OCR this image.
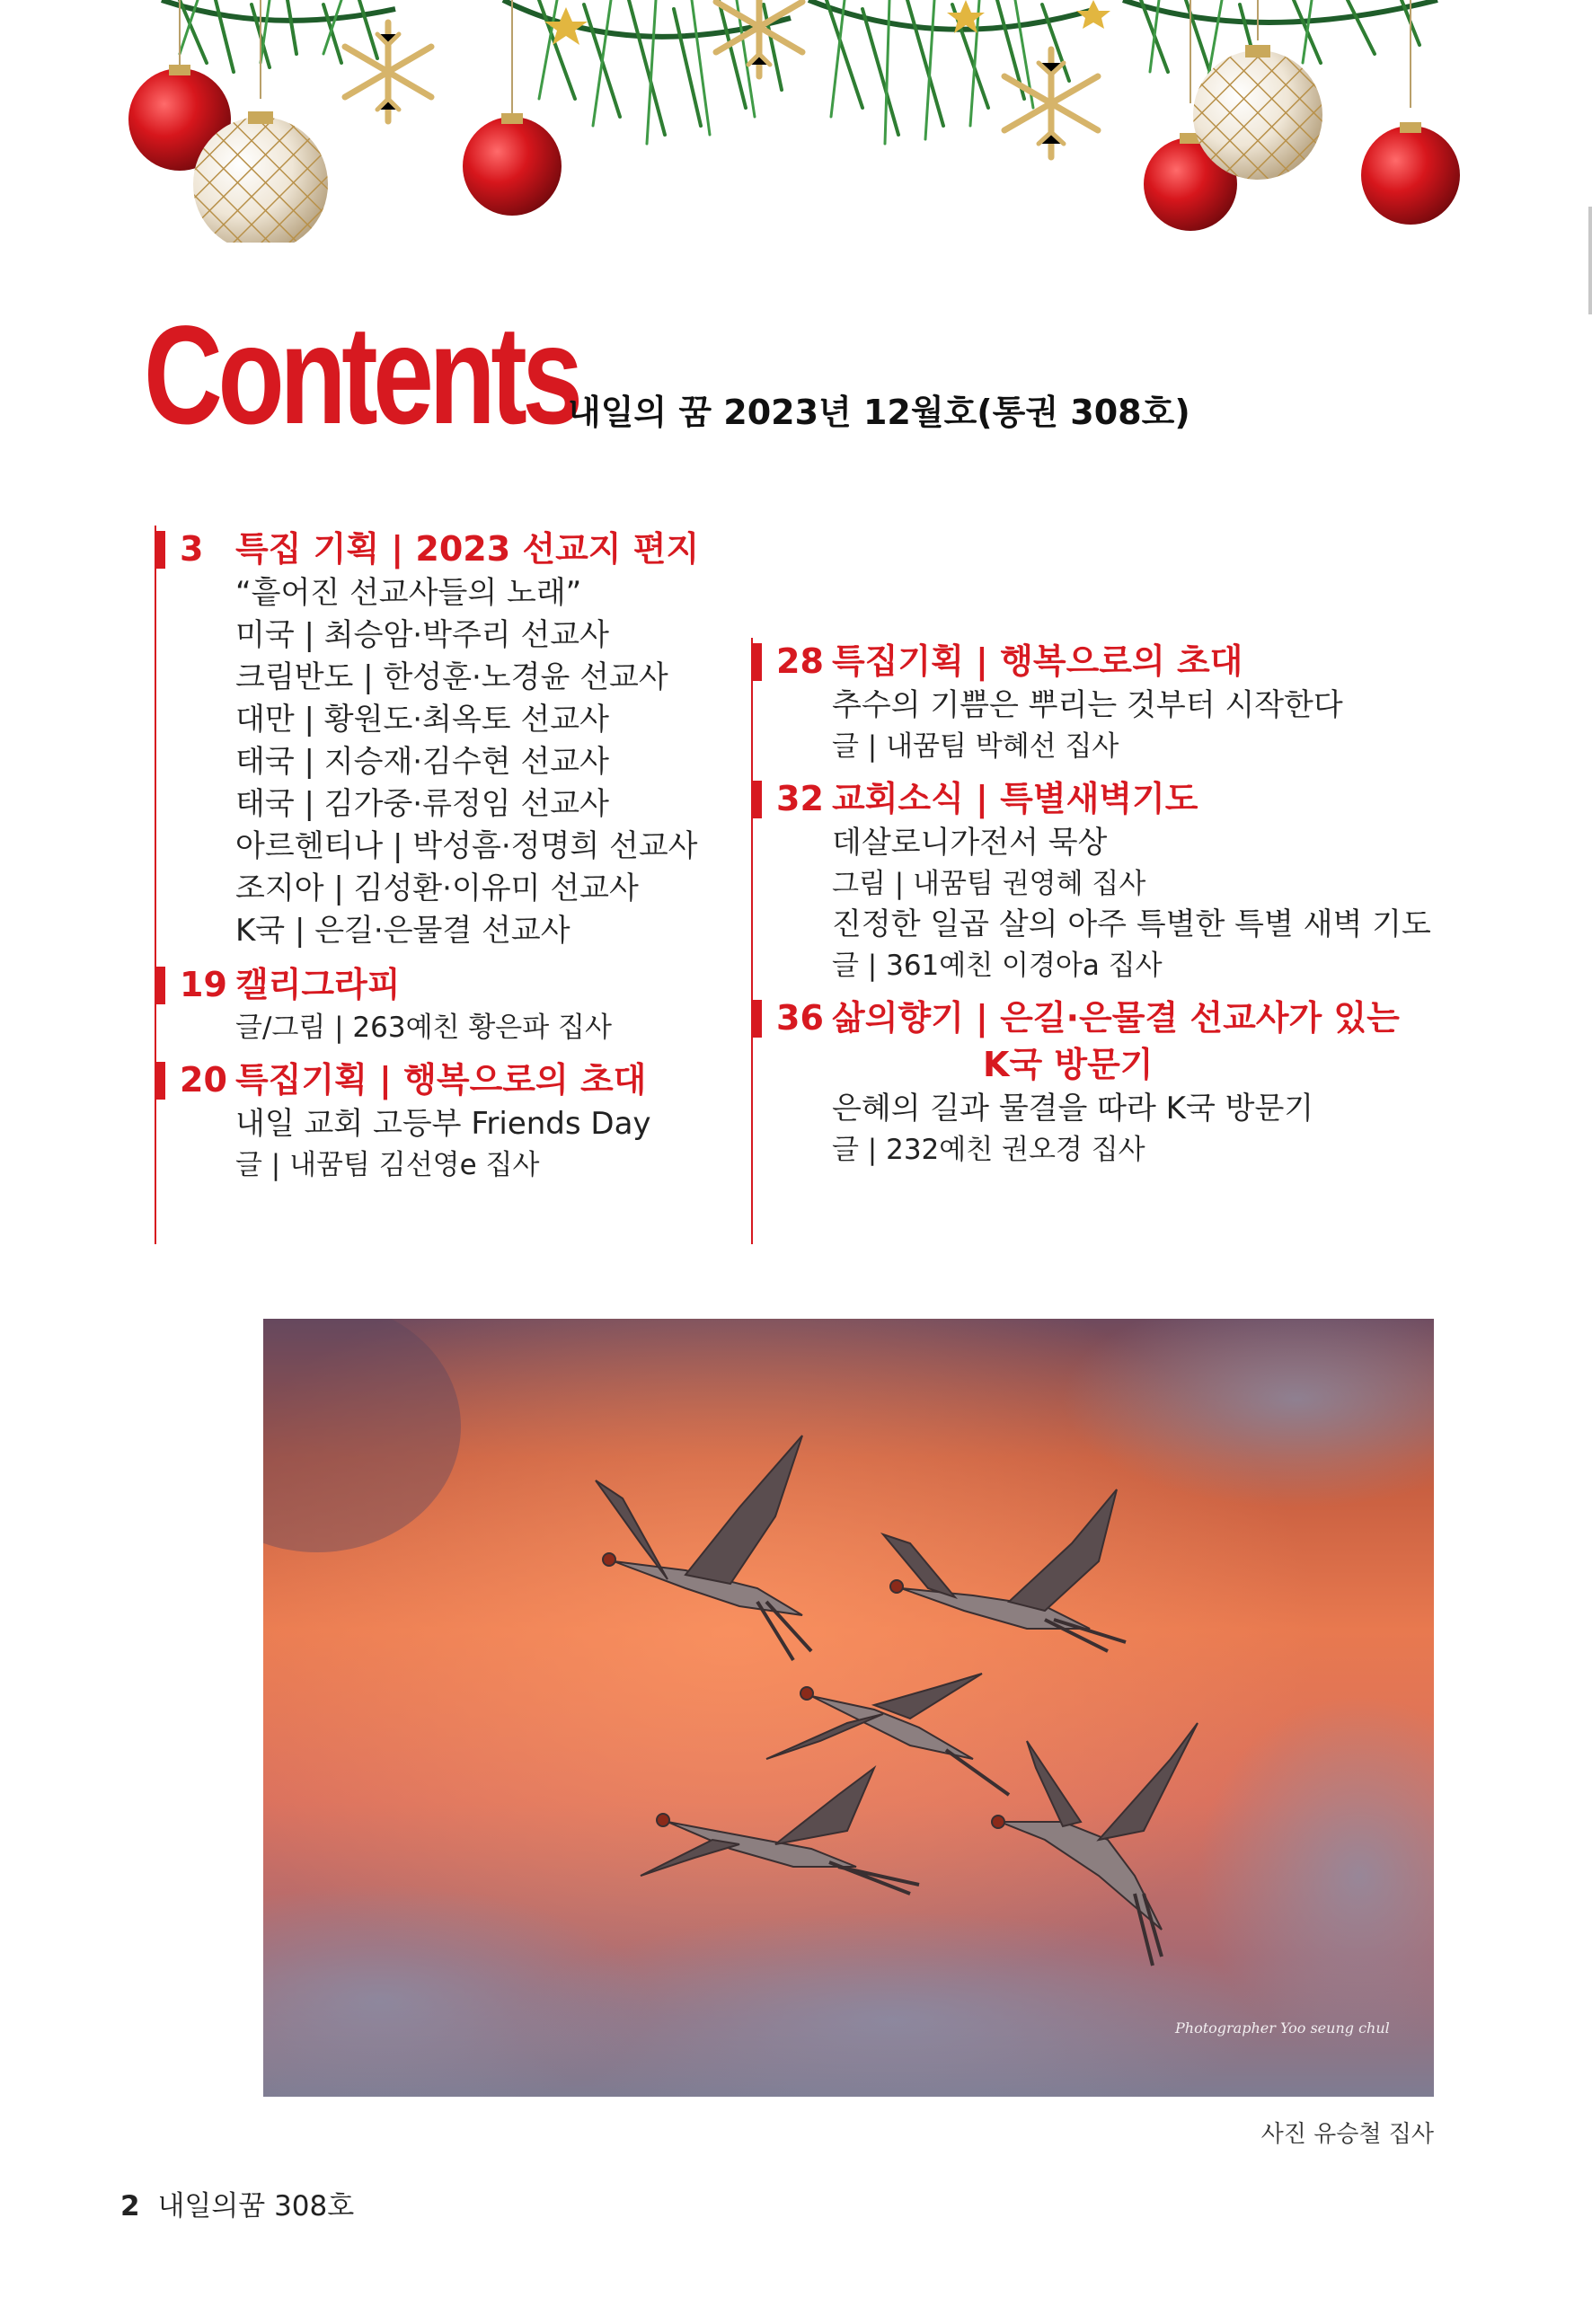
Contents
내일의 꿈 2023년 12월호(통권 308호)
3 특집 기획 | 2023 선교지 편지
“흩어진 선교사들의 노래”
미국 | 최승암·박주리 선교사
크림반도 | 한성훈·노경윤 선교사
대만 | 황원도·최옥토 선교사
태국 | 지승재·김수현 선교사
태국 | 김가중·류정임 선교사
아르헨티나 | 박성흠·정명희 선교사
조지아 | 김성환·이유미 선교사
K국 | 은길·은물결 선교사
19 캘리그라피
글/그림 | 263예친 황은파 집사
20 특집기획 | 행복으로의 초대
내일 교회 고등부 Friends Day
글 | 내꿈팀 김선영e 집사
28 특집기획 | 행복으로의 초대
추수의 기쁨은 뿌리는 것부터 시작한다
글 | 내꿈팀 박혜선 집사
32 교회소식 | 특별새벽기도
데살로니가전서 묵상
그림 | 내꿈팀 권영혜 집사
진정한 일곱 살의 아주 특별한 특별 새벽 기도
글 | 361예친 이경아a 집사
36 삶의향기 | 은길·은물결 선교사가 있는
K국 방문기
은혜의 길과 물결을 따라 K국 방문기
글 | 232예친 권오경 집사
Photographer Yoo seung chul
사진 유승철 집사
2 내일의꿈 308호
